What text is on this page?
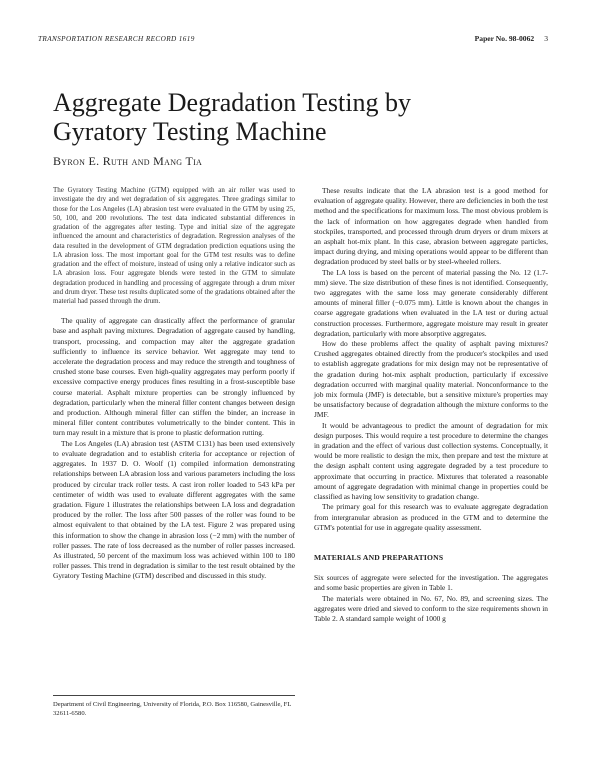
TRANSPORTATION RESEARCH RECORD 1619	Paper No. 98-0062 3
Aggregate Degradation Testing by Gyratory Testing Machine
Byron E. Ruth and Mang Tia

The Gyratory Testing Machine (GTM) equipped with an air roller was used to investigate the dry and wet degradation of six aggregates. Three gradings similar to those for the Los Angeles (LA) abrasion test were evaluated in the GTM by using 25, 50, 100, and 200 revolutions. The test data indicated substantial differences in gradation of the aggregates after testing. Type and initial size of the aggregate influenced the amount and characteristics of degradation. Regression analyses of the data resulted in the development of GTM degradation prediction equations using the LA abrasion loss. The most important goal for the GTM test results was to define gradation and the effect of moisture, instead of using only a relative indicator such as LA abrasion loss. Four aggregate blends were tested in the GTM to simulate degradation produced in handling and processing of aggregate through a drum mixer and drum dryer. These test results duplicated some of the gradations obtained after the material had passed through the drum.

The quality of aggregate can drastically affect the performance of granular base and asphalt paving mixtures. Degradation of aggregate caused by handling, transport, processing, and compaction may alter the aggregate gradation sufficiently to influence its service behavior. Wet aggregate may tend to accelerate the degradation process and may reduce the strength and toughness of crushed stone base courses. Even high-quality aggregates may perform poorly if excessive compactive energy produces fines resulting in a frost-susceptible base course material. Asphalt mixture properties can be strongly influenced by degradation, particularly when the mineral filler content changes between design and production. Although mineral filler can stiffen the binder, an increase in mineral filler content contributes volumetrically to the binder content. This in turn may result in a mixture that is prone to plastic deformation rutting.

The Los Angeles (LA) abrasion test (ASTM C131) has been used extensively to evaluate degradation and to establish criteria for acceptance or rejection of aggregates. In 1937 D. O. Woolf (1) compiled information demonstrating relationships between LA abrasion loss and various parameters including the loss produced by circular track roller tests. A cast iron roller loaded to 543 kPa per centimeter of width was used to evaluate different aggregates with the same gradation. Figure 1 illustrates the relationships between LA loss and degradation produced by the roller. The loss after 500 passes of the roller was found to be almost equivalent to that obtained by the LA test. Figure 2 was prepared using this information to show the change in abrasion loss (−2 mm) with the number of roller passes. The rate of loss decreased as the number of roller passes increased. As illustrated, 50 percent of the maximum loss was achieved within 100 to 180 roller passes. This trend in degradation is similar to the test result obtained by the Gyratory Testing Machine (GTM) described and discussed in this study.

Department of Civil Engineering, University of Florida, P.O. Box 116580, Gainesville, FL 32611-6580.

These results indicate that the LA abrasion test is a good method for evaluation of aggregate quality. However, there are deficiencies in both the test method and the specifications for maximum loss. The most obvious problem is the lack of information on how aggregates degrade when handled from stockpiles, transported, and processed through drum dryers or drum mixers at an asphalt hot-mix plant. In this case, abrasion between aggregate particles, impact during drying, and mixing operations would appear to be different than degradation produced by steel balls or by steel-wheeled rollers.

The LA loss is based on the percent of material passing the No. 12 (1.7-mm) sieve. The size distribution of these fines is not identified. Consequently, two aggregates with the same loss may generate considerably different amounts of mineral filler (−0.075 mm). Little is known about the changes in coarse aggregate gradations when evaluated in the LA test or during actual construction processes. Furthermore, aggregate moisture may result in greater degradation, particularly with more absorptive aggregates.

How do these problems affect the quality of asphalt paving mixtures? Crushed aggregates obtained directly from the producer's stockpiles and used to establish aggregate gradations for mix design may not be representative of the gradation during hot-mix asphalt production, particularly if excessive degradation occurred with marginal quality material. Nonconformance to the job mix formula (JMF) is detectable, but a sensitive mixture's properties may be unsatisfactory because of degradation although the mixture conforms to the JMF.

It would be advantageous to predict the amount of degradation for mix design purposes. This would require a test procedure to determine the changes in gradation and the effect of various dust collection systems. Conceptually, it would be more realistic to design the mix, then prepare and test the mixture at the design asphalt content using aggregate degraded by a test procedure to approximate that occurring in practice. Mixtures that tolerated a reasonable amount of aggregate degradation with minimal change in properties could be classified as having low sensitivity to gradation change.

The primary goal for this research was to evaluate aggregate degradation from intergranular abrasion as produced in the GTM and to determine the GTM's potential for use in aggregate quality assessment.

MATERIALS AND PREPARATIONS

Six sources of aggregate were selected for the investigation. The aggregates and some basic properties are given in Table 1.

The materials were obtained in No. 67, No. 89, and screening sizes. The aggregates were dried and sieved to conform to the size requirements shown in Table 2. A standard sample weight of 1000 g
